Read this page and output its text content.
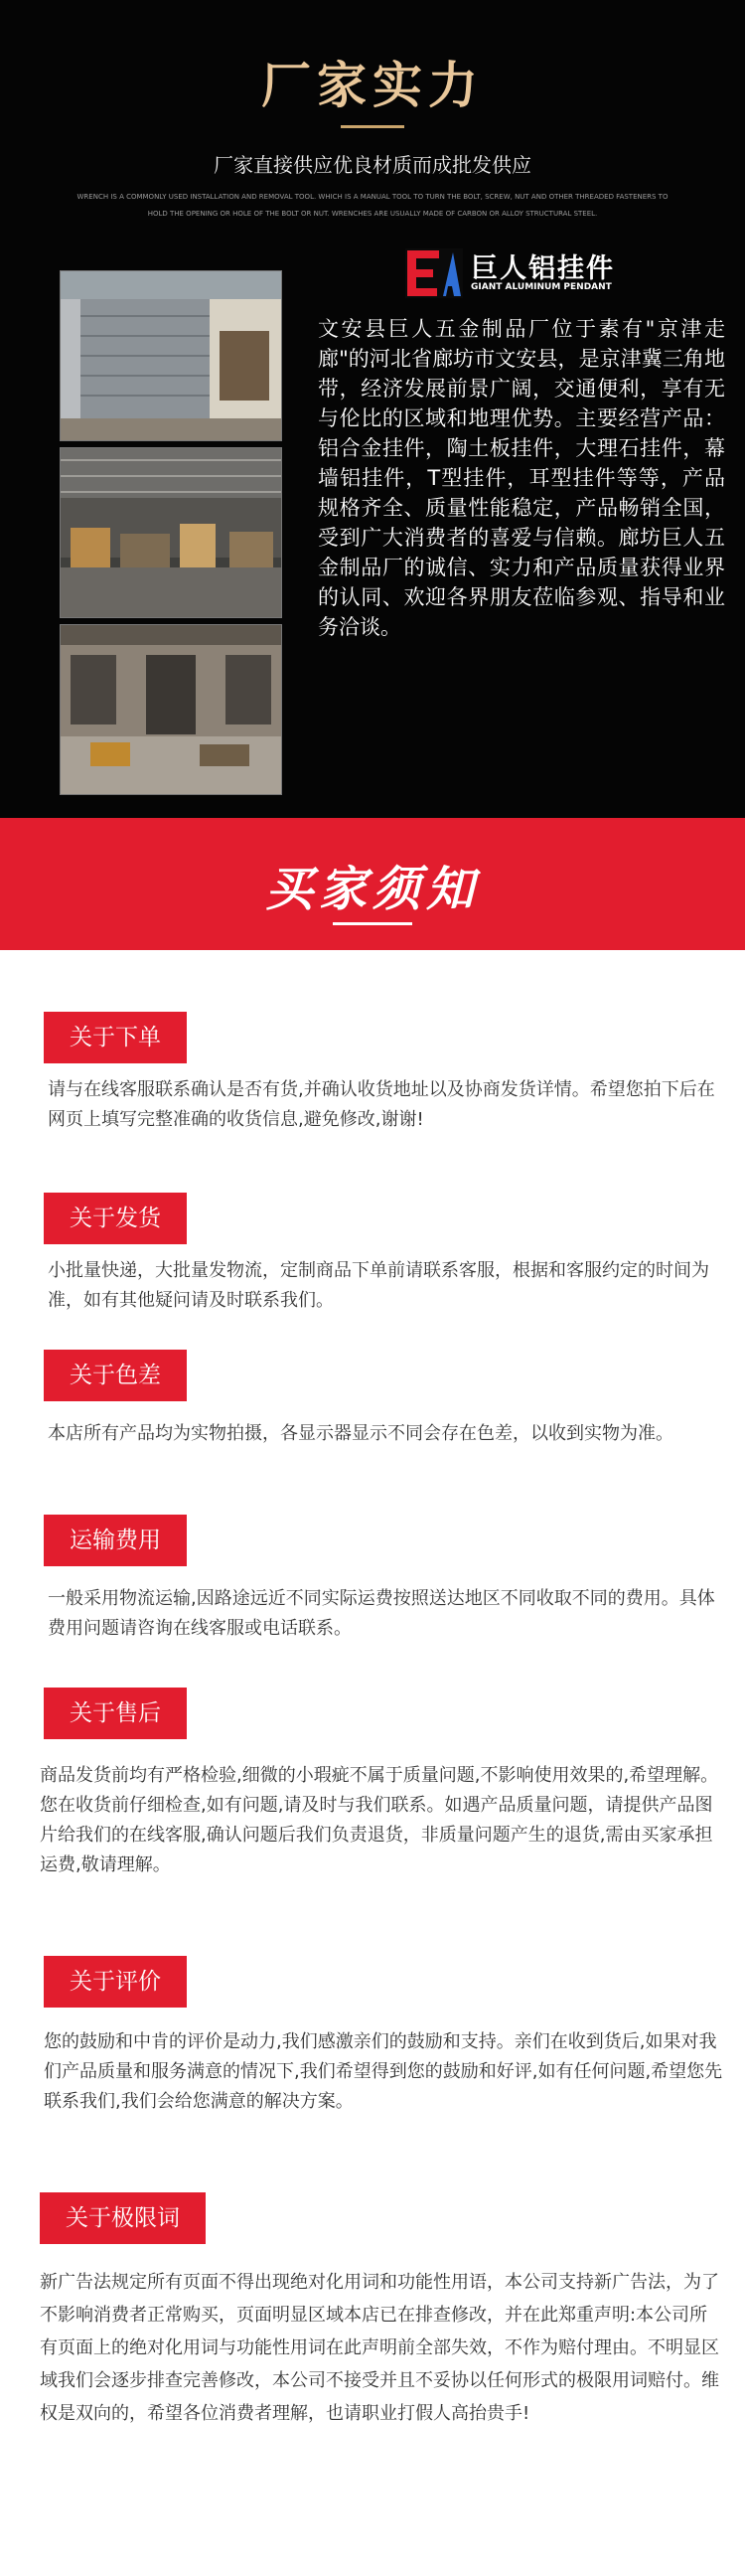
厂家实力
厂家直接供应优良材质而成批发供应
WRENCH IS A COMMONLY USED INSTALLATION AND REMOVAL TOOL. WHICH IS A MANUAL TOOL TO TURN THE BOLT, SCREW, NUT AND OTHER THREADED FASTENERS TO HOLD THE OPENING OR HOLE OF THE BOLT OR NUT. WRENCHES ARE USUALLY MADE OF CARBON OR ALLOY STRUCTURAL STEEL.
巨人铝挂件
GIANT ALUMINUM PENDANT
文安县巨人五金制品厂位于素有"京津走廊"的河北省廊坊市文安县，是京津冀三角地带，经济发展前景广阔，交通便利，享有无与伦比的区域和地理优势。主要经营产品：铝合金挂件，陶土板挂件，大理石挂件，幕墙铝挂件，T型挂件，耳型挂件等等，产品规格齐全、质量性能稳定，产品畅销全国，受到广大消费者的喜爱与信赖。廊坊巨人五金制品厂的诚信、实力和产品质量获得业界的认同、欢迎各界朋友莅临参观、指导和业务洽谈。
买家须知
关于下单
请与在线客服联系确认是否有货,并确认收货地址以及协商发货详情。希望您拍下后在网页上填写完整准确的收货信息,避免修改,谢谢!
关于发货
小批量快递，大批量发物流，定制商品下单前请联系客服，根据和客服约定的时间为准，如有其他疑问请及时联系我们。
关于色差
本店所有产品均为实物拍摄，各显示器显示不同会存在色差，以收到实物为准。
运输费用
一般采用物流运输,因路途远近不同实际运费按照送达地区不同收取不同的费用。具体费用问题请咨询在线客服或电话联系。
关于售后
商品发货前均有严格检验,细微的小瑕疵不属于质量问题,不影响使用效果的,希望理解。您在收货前仔细检查,如有问题,请及时与我们联系。如遇产品质量问题，请提供产品图片给我们的在线客服,确认问题后我们负责退货，非质量问题产生的退货,需由买家承担运费,敬请理解。
关于评价
您的鼓励和中肯的评价是动力,我们感激亲们的鼓励和支持。亲们在收到货后,如果对我们产品质量和服务满意的情况下,我们希望得到您的鼓励和好评,如有任何问题,希望您先联系我们,我们会给您满意的解决方案。
关于极限词
新广告法规定所有页面不得出现绝对化用词和功能性用语，本公司支持新广告法，为了不影响消费者正常购买，页面明显区域本店已在排查修改，并在此郑重声明:本公司所有页面上的绝对化用词与功能性用词在此声明前全部失效，不作为赔付理由。不明显区域我们会逐步排查完善修改，本公司不接受并且不妥协以任何形式的极限用词赔付。维权是双向的，希望各位消费者理解，也请职业打假人高抬贵手!
